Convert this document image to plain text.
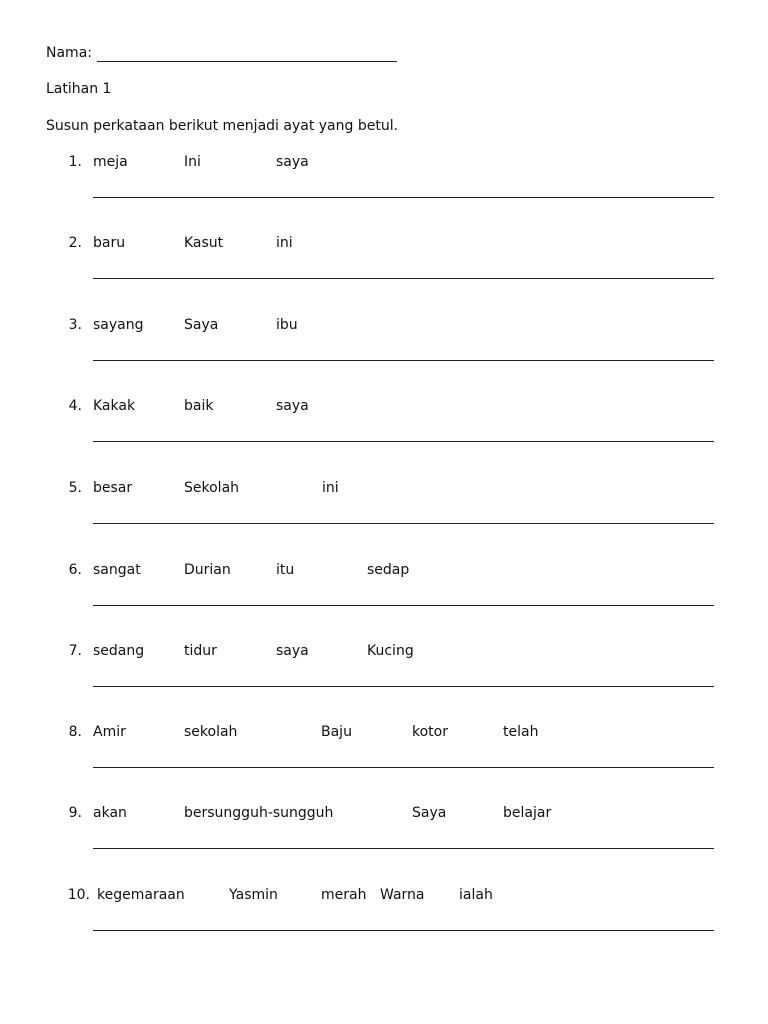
Nama:
Latihan 1
Susun perkataan berikut menjadi ayat yang betul.
1. meja	Ini	saya
2. baru	Kasut	ini
3. sayang	Saya	ibu
4. Kakak	baik	saya
5. besar	Sekolah	ini
6. sangat	Durian	itu	sedap
7. sedang	tidur	saya	Kucing
8. Amir	sekolah	Baju	kotor	telah
9. akan	bersungguh-sungguh	Saya	belajar
10. kegemaraan	Yasmin	merah Warna ialah
